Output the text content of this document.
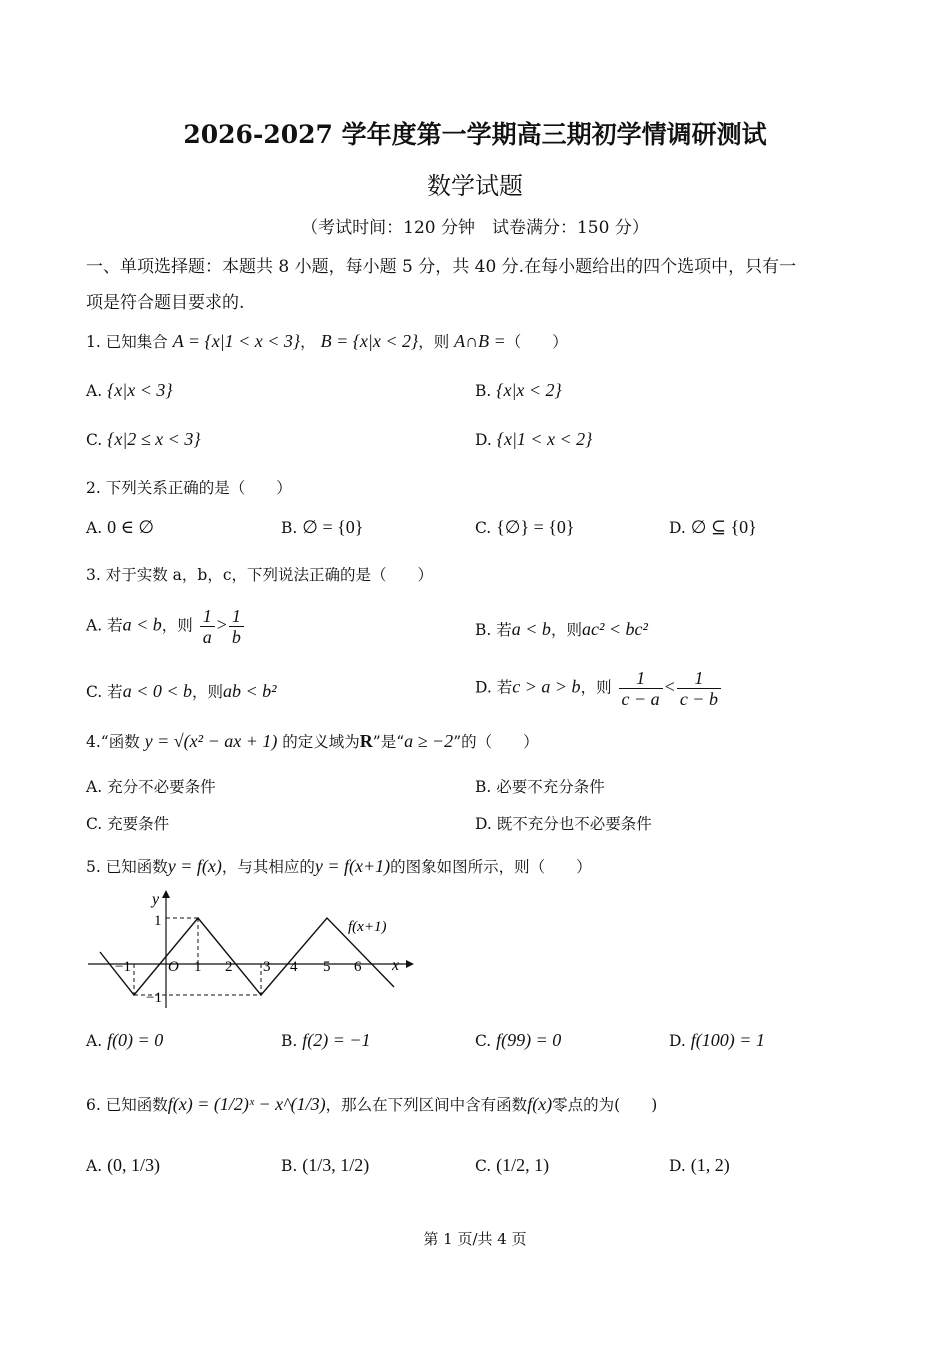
2026-2027 学年度第一学期高三期初学情调研测试
数学试题
（考试时间：120 分钟　试卷满分：150 分）
一、单项选择题：本题共 8 小题，每小题 5 分，共 40 分.在每小题给出的四个选项中，只有一
项是符合题目要求的.
1. 已知集合 A = {x|1 < x < 3}， B = {x|x < 2}，则 A∩B =（　　）
A. {x|x < 3}	B. {x|x < 2}
C. {x|2 ≤ x < 3}	D. {x|1 < x < 2}
2. 下列关系正确的是（　　）
A. 0 ∈ ∅	B. ∅ = {0}	C. {∅} = {0}	D. ∅ ⊆ {0}
3. 对于实数 a，b，c，下列说法正确的是（　　）
A. 若a < b，则 $\frac{1}{a} > \frac{1}{b}$	B. 若a < b，则ac² < bc²
C. 若a < 0 < b，则ab < b²	D. 若c > a > b，则 $\frac{1}{c - a} < \frac{1}{c - b}$
4.“函数 y = √(x² − ax + 1) 的定义域为R”是“a ≥ −2”的（　　）
A. 充分不必要条件	B. 必要不充分条件
C. 充要条件	D. 既不充分也不必要条件
5. 已知函数y = f(x)，与其相应的y = f(x+1)的图象如图所示，则（　　）
y
x
O
f(x+1)
−1	1 2 3 4 5 6
1
−1
A. f(0) = 0	B. f(2) = −1	C. f(99) = 0	D. f(100) = 1
6. 已知函数f(x) = (1/2)ˣ − x^(1/3)，那么在下列区间中含有函数f(x)零点的为(　　)
A. (0, 1/3)	B. (1/3, 1/2)	C. (1/2, 1)	D. (1, 2)
第 1 页/共 4 页
